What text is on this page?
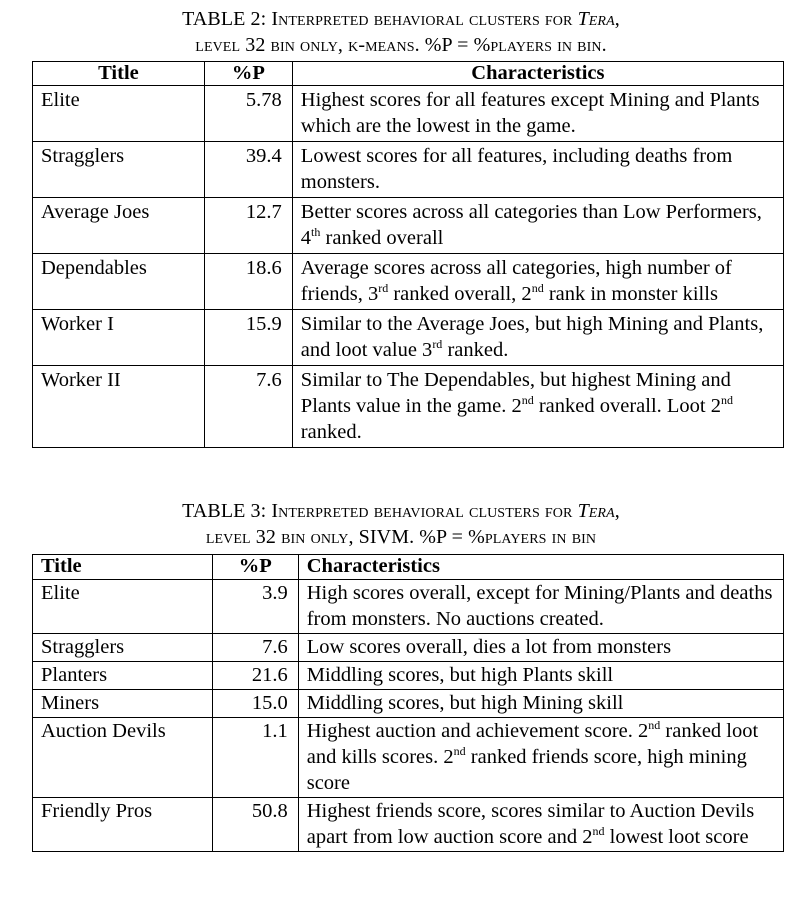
TABLE 2: Interpreted behavioral clusters for Tera,
level 32 bin only, k-means. %P = %players in bin.
Title	%P	Characteristics
Elite	5.78	Highest scores for all features except Mining and Plants which are the lowest in the game.
Stragglers	39.4	Lowest scores for all features, including deaths from monsters.
Average Joes	12.7	Better scores across all categories than Low Performers, 4th ranked overall
Dependables	18.6	Average scores across all categories, high number of friends, 3rd ranked overall, 2nd rank in monster kills
Worker I	15.9	Similar to the Average Joes, but high Mining and Plants, and loot value 3rd ranked.
Worker II	7.6	Similar to The Dependables, but highest Mining and Plants value in the game. 2nd ranked overall. Loot 2nd ranked.
TABLE 3: Interpreted behavioral clusters for Tera,
level 32 bin only, SIVM. %P = %players in bin
Title	%P	Characteristics
Elite	3.9	High scores overall, except for Mining/Plants and deaths from monsters. No auctions created.
Stragglers	7.6	Low scores overall, dies a lot from monsters
Planters	21.6	Middling scores, but high Plants skill
Miners	15.0	Middling scores, but high Mining skill
Auction Devils	1.1	Highest auction and achievement score. 2nd ranked loot and kills scores. 2nd ranked friends score, high mining score
Friendly Pros	50.8	Highest friends score, scores similar to Auction Devils apart from low auction score and 2nd lowest loot score
